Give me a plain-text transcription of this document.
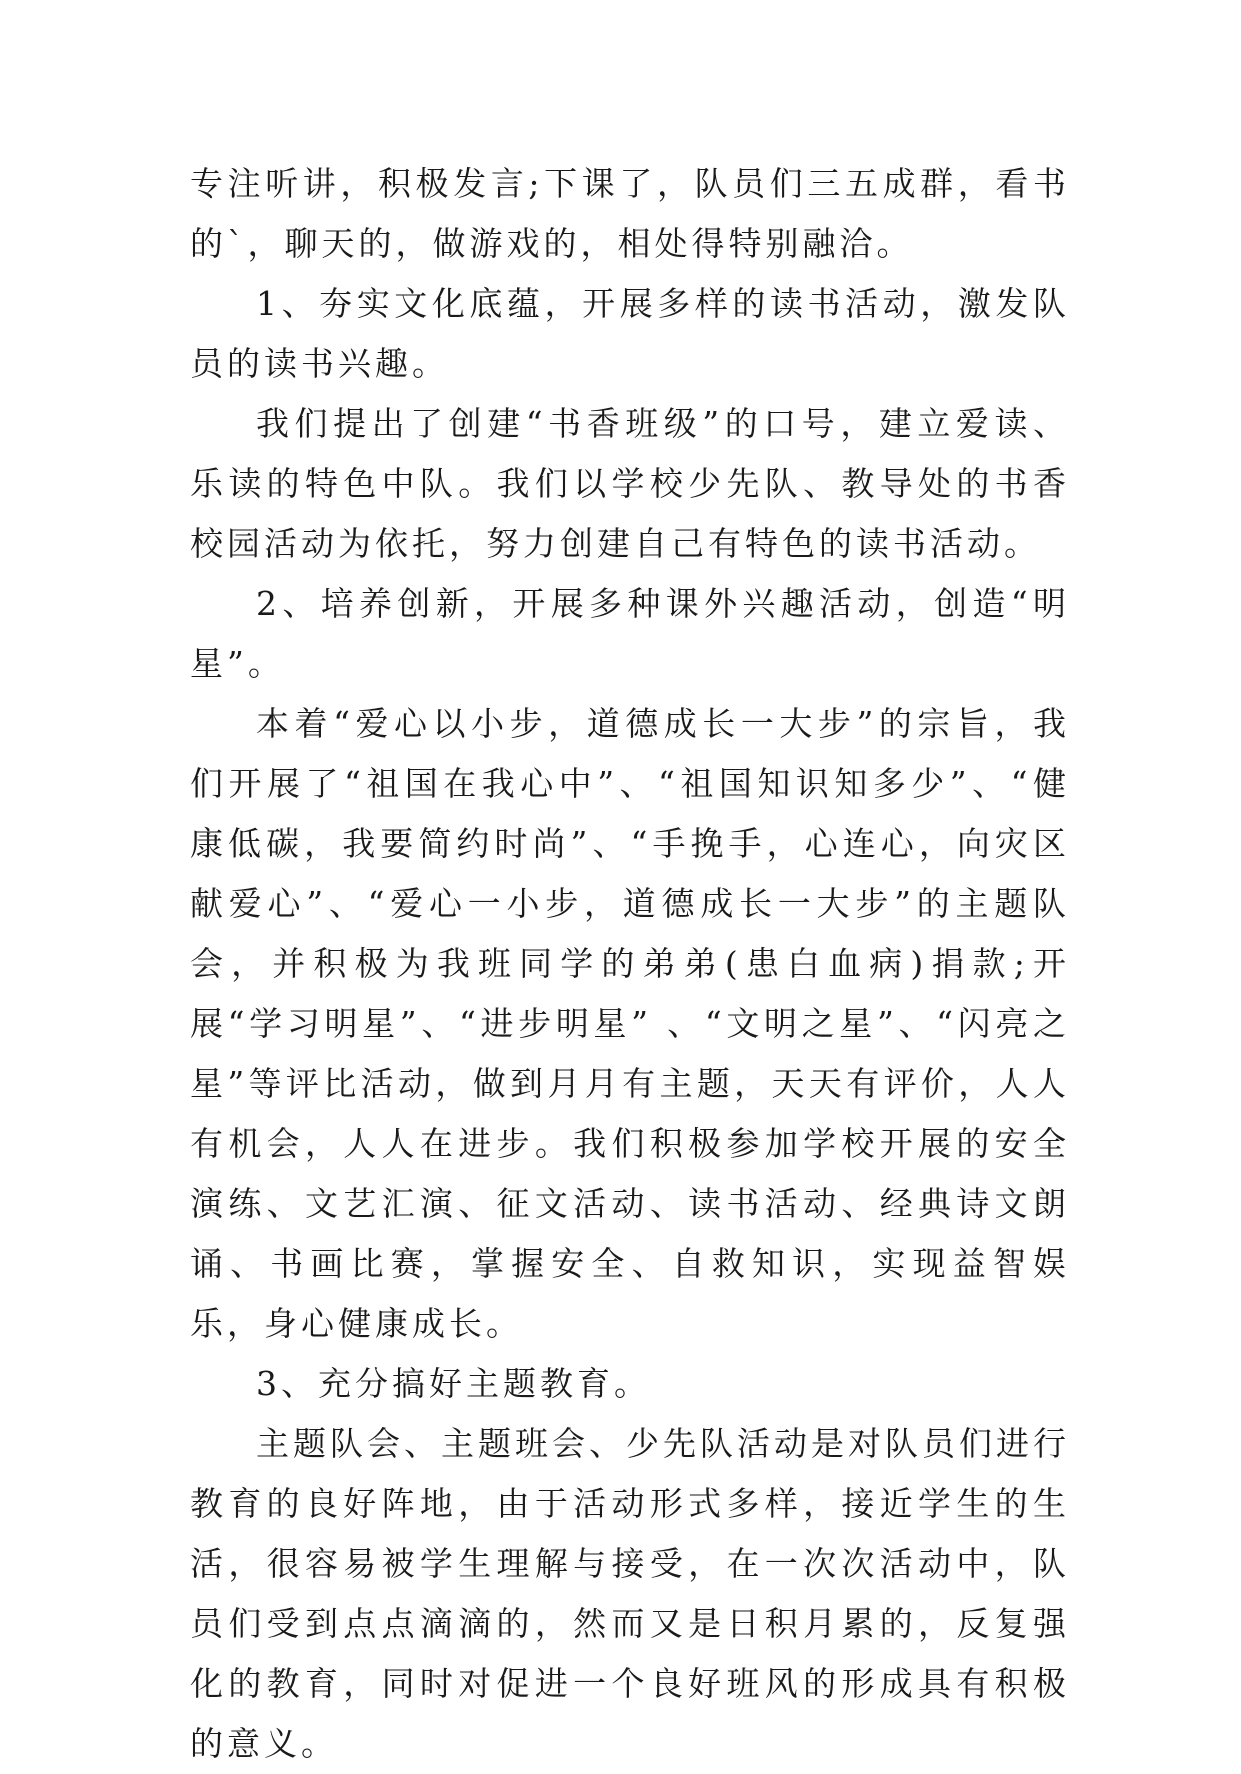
专注听讲，积极发言;下课了，队员们三五成群，看书的`，聊天的，做游戏的，相处得特别融洽。

1、夯实文化底蕴，开展多样的读书活动，激发队员的读书兴趣。

我们提出了创建“书香班级”的口号，建立爱读、乐读的特色中队。我们以学校少先队、教导处的书香校园活动为依托，努力创建自己有特色的读书活动。

2、培养创新，开展多种课外兴趣活动，创造“明星”。

本着“爱心以小步，道德成长一大步”的宗旨，我们开展了“祖国在我心中”、“祖国知识知多少”、“健康低碳，我要简约时尚”、“手挽手，心连心，向灾区献爱心”、“爱心一小步，道德成长一大步”的主题队会，并积极为我班同学的弟弟(患白血病)捐款;开展“学习明星”、“进步明星” 、“文明之星”、“闪亮之星”等评比活动，做到月月有主题，天天有评价，人人有机会，人人在进步。我们积极参加学校开展的安全演练、文艺汇演、征文活动、读书活动、经典诗文朗诵、书画比赛，掌握安全、自救知识，实现益智娱乐，身心健康成长。

3、充分搞好主题教育。

主题队会、主题班会、少先队活动是对队员们进行教育的良好阵地，由于活动形式多样，接近学生的生活，很容易被学生理解与接受，在一次次活动中，队员们受到点点滴滴的，然而又是日积月累的，反复强化的教育，同时对促进一个良好班风的形成具有积极的意义。
